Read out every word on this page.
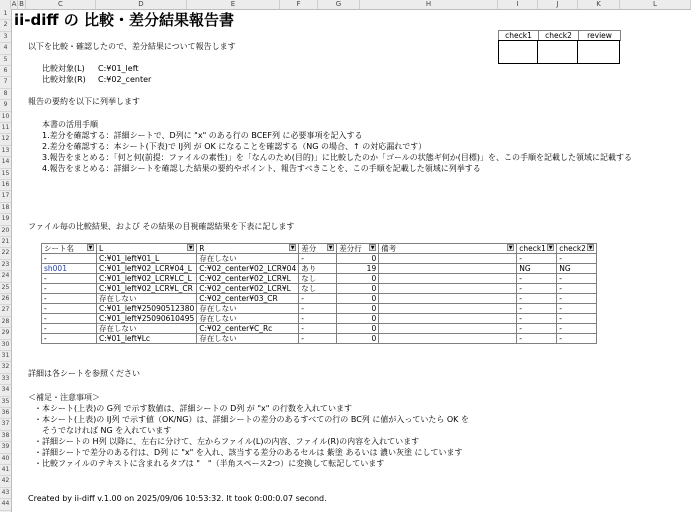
A B	C	D	E	F	G	H	I	J	K	L
1
2
3
4
5
6
7
8
9
10
11
12
13
14
15
16
17
18
19
20
21
22
23
24
25
26
27
28
29
30
31
32
33
34
35
36
37
38
39
40
41
42
43
44
ii-diff の 比較・差分結果報告書
check1	check2	review
以下を比較・確認したので、差分結果について報告します
比較対象(L) C:¥01_left
比較対象(R) C:¥02_center
報告の要約を以下に列挙します
本書の活用手順
1.差分を確認する：詳細シートで、D列に "x" のある行の BCEF列 に必要事項を記入する
2.差分を確認する：本シート(下表)で IJ列 が OK になることを確認する（NG の場合、↑ の対応漏れです）
3.報告をまとめる：「何と何(前提：ファイルの素性)」を「なんのため(目的)」に比較したのか「ゴールの状態ギ何か(目標)」を、この手順を記載した領域に記載する
4.報告をまとめる：詳細シートを確認した結果の要約やポイント、報告すべきことを、この手順を記載した領域に列挙する
ファイル毎の比較結果、および その結果の目視確認結果を下表に記します
シート名 ▼	L ▼	R ▼	差分 ▼	差分行 ▼	備考 ▼	check1 ▼	check2 ▼

-	C:¥01_left¥01_L	存在しない	-	0		-	-
sh001	C:¥01_left¥02_LCR¥04_L	C:¥02_center¥02_LCR¥04	あり	19		NG	NG
-	C:¥01_left¥02_LCR¥LC_L	C:¥02_center¥02_LCR¥L	なし	0		-	-
-	C:¥01_left¥02_LCR¥L_CR	C:¥02_center¥02_LCR¥L	なし	0		-	-
-	存在しない	C:¥02_center¥03_CR	-	0		-	-
-	C:¥01_left¥25090512380	存在しない	-	0		-	-
-	C:¥01_left¥25090610495	存在しない	-	0		-	-
-	存在しない	C:¥02_center¥C_Rc	-	0		-	-
-	C:¥01_left¥Lc	存在しない	-	0		-	-
詳細は各シートを参照ください
＜補足・注意事項＞
・本シート(上表)の G列 で示す数値は、詳細シートの D列 が "x" の行数を入れています
・本シート(上表)の IJ列 で示す値（OK/NG）は、詳細シートの差分のあるすべての行の BC列 に値が入っていたら OK を
　そうでなければ NG を入れています
・詳細シートの H列 以降に、左右に分けて、左からファイル(L)の内容、ファイル(R)の内容を入れています
・詳細シートで差分のある行は、D列 に "x" を入れ、該当する差分のあるセルは 紫塗 あるいは 濃い灰塗 にしています
・比較ファイルのテキストに含まれるタブは "　"（半角スペース2つ）に変換して転記しています
Created by ii-diff v.1.00 on 2025/09/06 10:53:32. It took 0:00:0.07 second.
